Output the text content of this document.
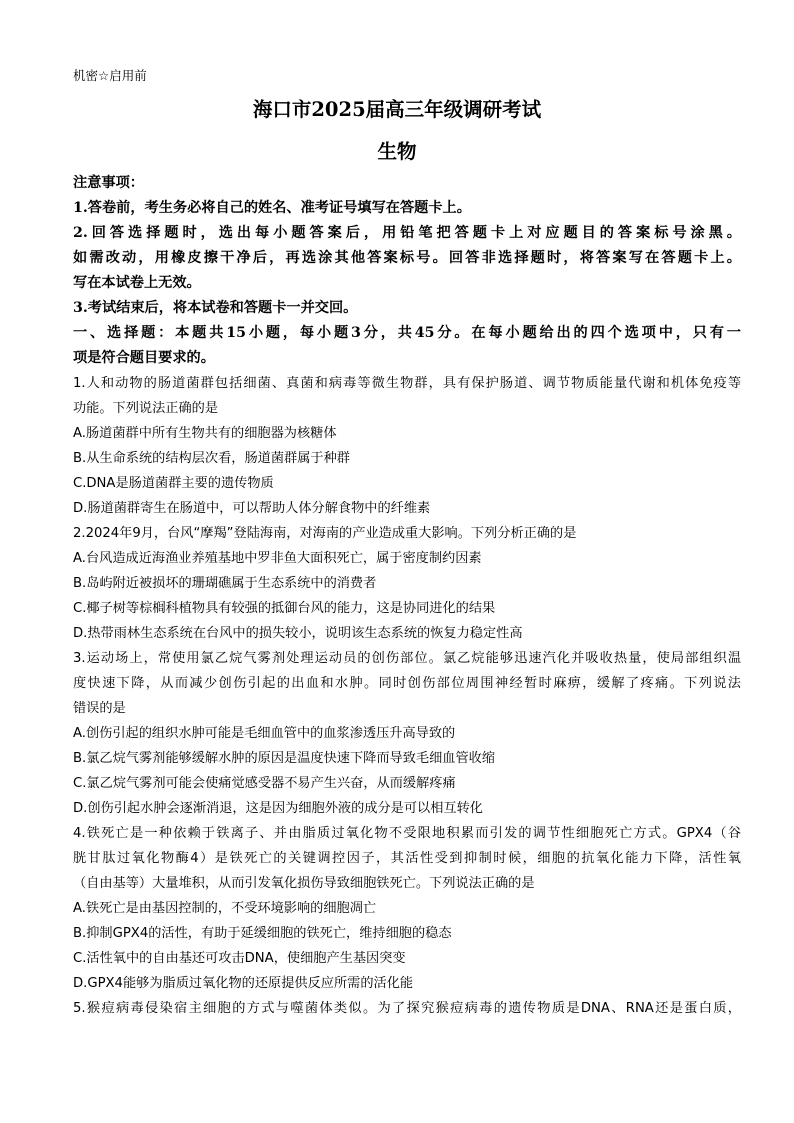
机密☆启用前
海口市2025届高三年级调研考试
生物
注意事项：
1.答卷前，考生务必将自己的姓名、准考证号填写在答题卡上。
2.回答选择题时，选出每小题答案后，用铅笔把答题卡上对应题目的答案标号涂黑。
如需改动，用橡皮擦干净后，再选涂其他答案标号。回答非选择题时，将答案写在答题卡上。
写在本试卷上无效。
3.考试结束后，将本试卷和答题卡一并交回。
一、选择题：本题共15小题，每小题3分，共45分。在每小题给出的四个选项中，只有一
项是符合题目要求的。
1.人和动物的肠道菌群包括细菌、真菌和病毒等微生物群，具有保护肠道、调节物质能量代谢和机体免疫等
功能。下列说法正确的是
A.肠道菌群中所有生物共有的细胞器为核糖体
B.从生命系统的结构层次看，肠道菌群属于种群
C.DNA是肠道菌群主要的遗传物质
D.肠道菌群寄生在肠道中，可以帮助人体分解食物中的纤维素
2.2024年9月，台风“摩羯”登陆海南，对海南的产业造成重大影响。下列分析正确的是
A.台风造成近海渔业养殖基地中罗非鱼大面积死亡，属于密度制约因素
B.岛屿附近被损坏的珊瑚礁属于生态系统中的消费者
C.椰子树等棕榈科植物具有较强的抵御台风的能力，这是协同进化的结果
D.热带雨林生态系统在台风中的损失较小，说明该生态系统的恢复力稳定性高
3.运动场上，常使用氯乙烷气雾剂处理运动员的创伤部位。氯乙烷能够迅速汽化并吸收热量，使局部组织温
度快速下降，从而减少创伤引起的出血和水肿。同时创伤部位周围神经暂时麻痹，缓解了疼痛。下列说法
错误的是
A.创伤引起的组织水肿可能是毛细血管中的血浆渗透压升高导致的
B.氯乙烷气雾剂能够缓解水肿的原因是温度快速下降而导致毛细血管收缩
C.氯乙烷气雾剂可能会使痛觉感受器不易产生兴奋，从而缓解疼痛
D.创伤引起水肿会逐渐消退，这是因为细胞外液的成分是可以相互转化
4.铁死亡是一种依赖于铁离子、并由脂质过氧化物不受限地积累而引发的调节性细胞死亡方式。GPX4（谷
胱甘肽过氧化物酶4）是铁死亡的关键调控因子，其活性受到抑制时候，细胞的抗氧化能力下降，活性氧
（自由基等）大量堆积，从而引发氧化损伤导致细胞铁死亡。下列说法正确的是
A.铁死亡是由基因控制的，不受环境影响的细胞凋亡
B.抑制GPX4的活性，有助于延缓细胞的铁死亡，维持细胞的稳态
C.活性氧中的自由基还可攻击DNA，使细胞产生基因突变
D.GPX4能够为脂质过氧化物的还原提供反应所需的活化能
5.猴痘病毒侵染宿主细胞的方式与噬菌体类似。为了探究猴痘病毒的遗传物质是DNA、RNA还是蛋白质，
